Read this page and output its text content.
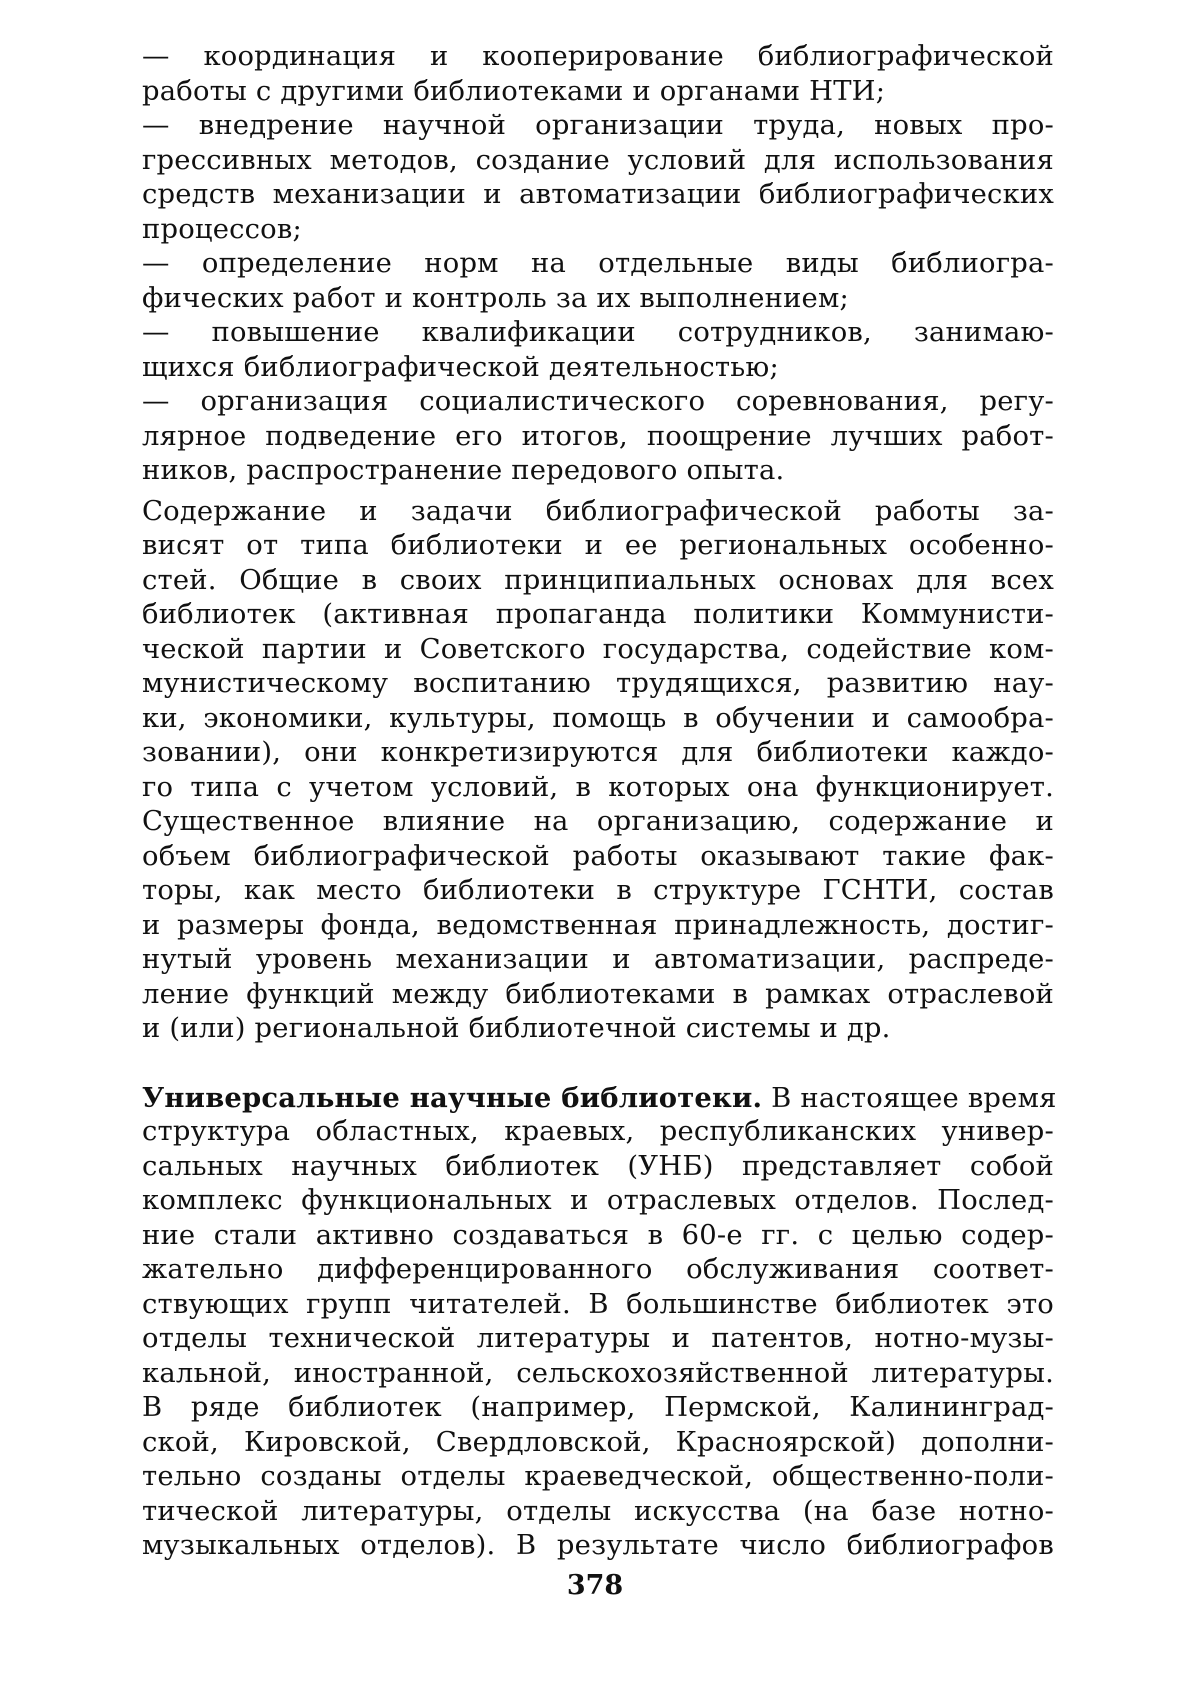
— координация и кооперирование библиографической
работы с другими библиотеками и органами НТИ;
— внедрение научной организации труда, новых про-
грессивных методов, создание условий для использования
средств механизации и автоматизации библиографических
процессов;
— определение норм на отдельные виды библиогра-
фических работ и контроль за их выполнением;
— повышение квалификации сотрудников, занимаю-
щихся библиографической деятельностью;
— организация социалистического соревнования, регу-
лярное подведение его итогов, поощрение лучших работ-
ников, распространение передового опыта.
Содержание и задачи библиографической работы за-
висят от типа библиотеки и ее региональных особенно-
стей. Общие в своих принципиальных основах для всех
библиотек (активная пропаганда политики Коммунисти-
ческой партии и Советского государства, содействие ком-
мунистическому воспитанию трудящихся, развитию нау-
ки, экономики, культуры, помощь в обучении и самообра-
зовании), они конкретизируются для библиотеки каждо-
го типа с учетом условий, в которых она функционирует.
Существенное влияние на организацию, содержание и
объем библиографической работы оказывают такие фак-
торы, как место библиотеки в структуре ГСНТИ, состав
и размеры фонда, ведомственная принадлежность, достиг-
нутый уровень механизации и автоматизации, распреде-
ление функций между библиотеками в рамках отраслевой
и (или) региональной библиотечной системы и др.
Универсальные научные библиотеки. В настоящее время
структура областных, краевых, республиканских универ-
сальных научных библиотек (УНБ) представляет собой
комплекс функциональных и отраслевых отделов. Послед-
ние стали активно создаваться в 60-е гг. с целью содер-
жательно дифференцированного обслуживания соответ-
ствующих групп читателей. В большинстве библиотек это
отделы технической литературы и патентов, нотно-музы-
кальной, иностранной, сельскохозяйственной литературы.
В ряде библиотек (например, Пермской, Калининград-
ской, Кировской, Свердловской, Красноярской) дополни-
тельно созданы отделы краеведческой, общественно-поли-
тической литературы, отделы искусства (на базе нотно-
музыкальных отделов). В результате число библиографов
378
